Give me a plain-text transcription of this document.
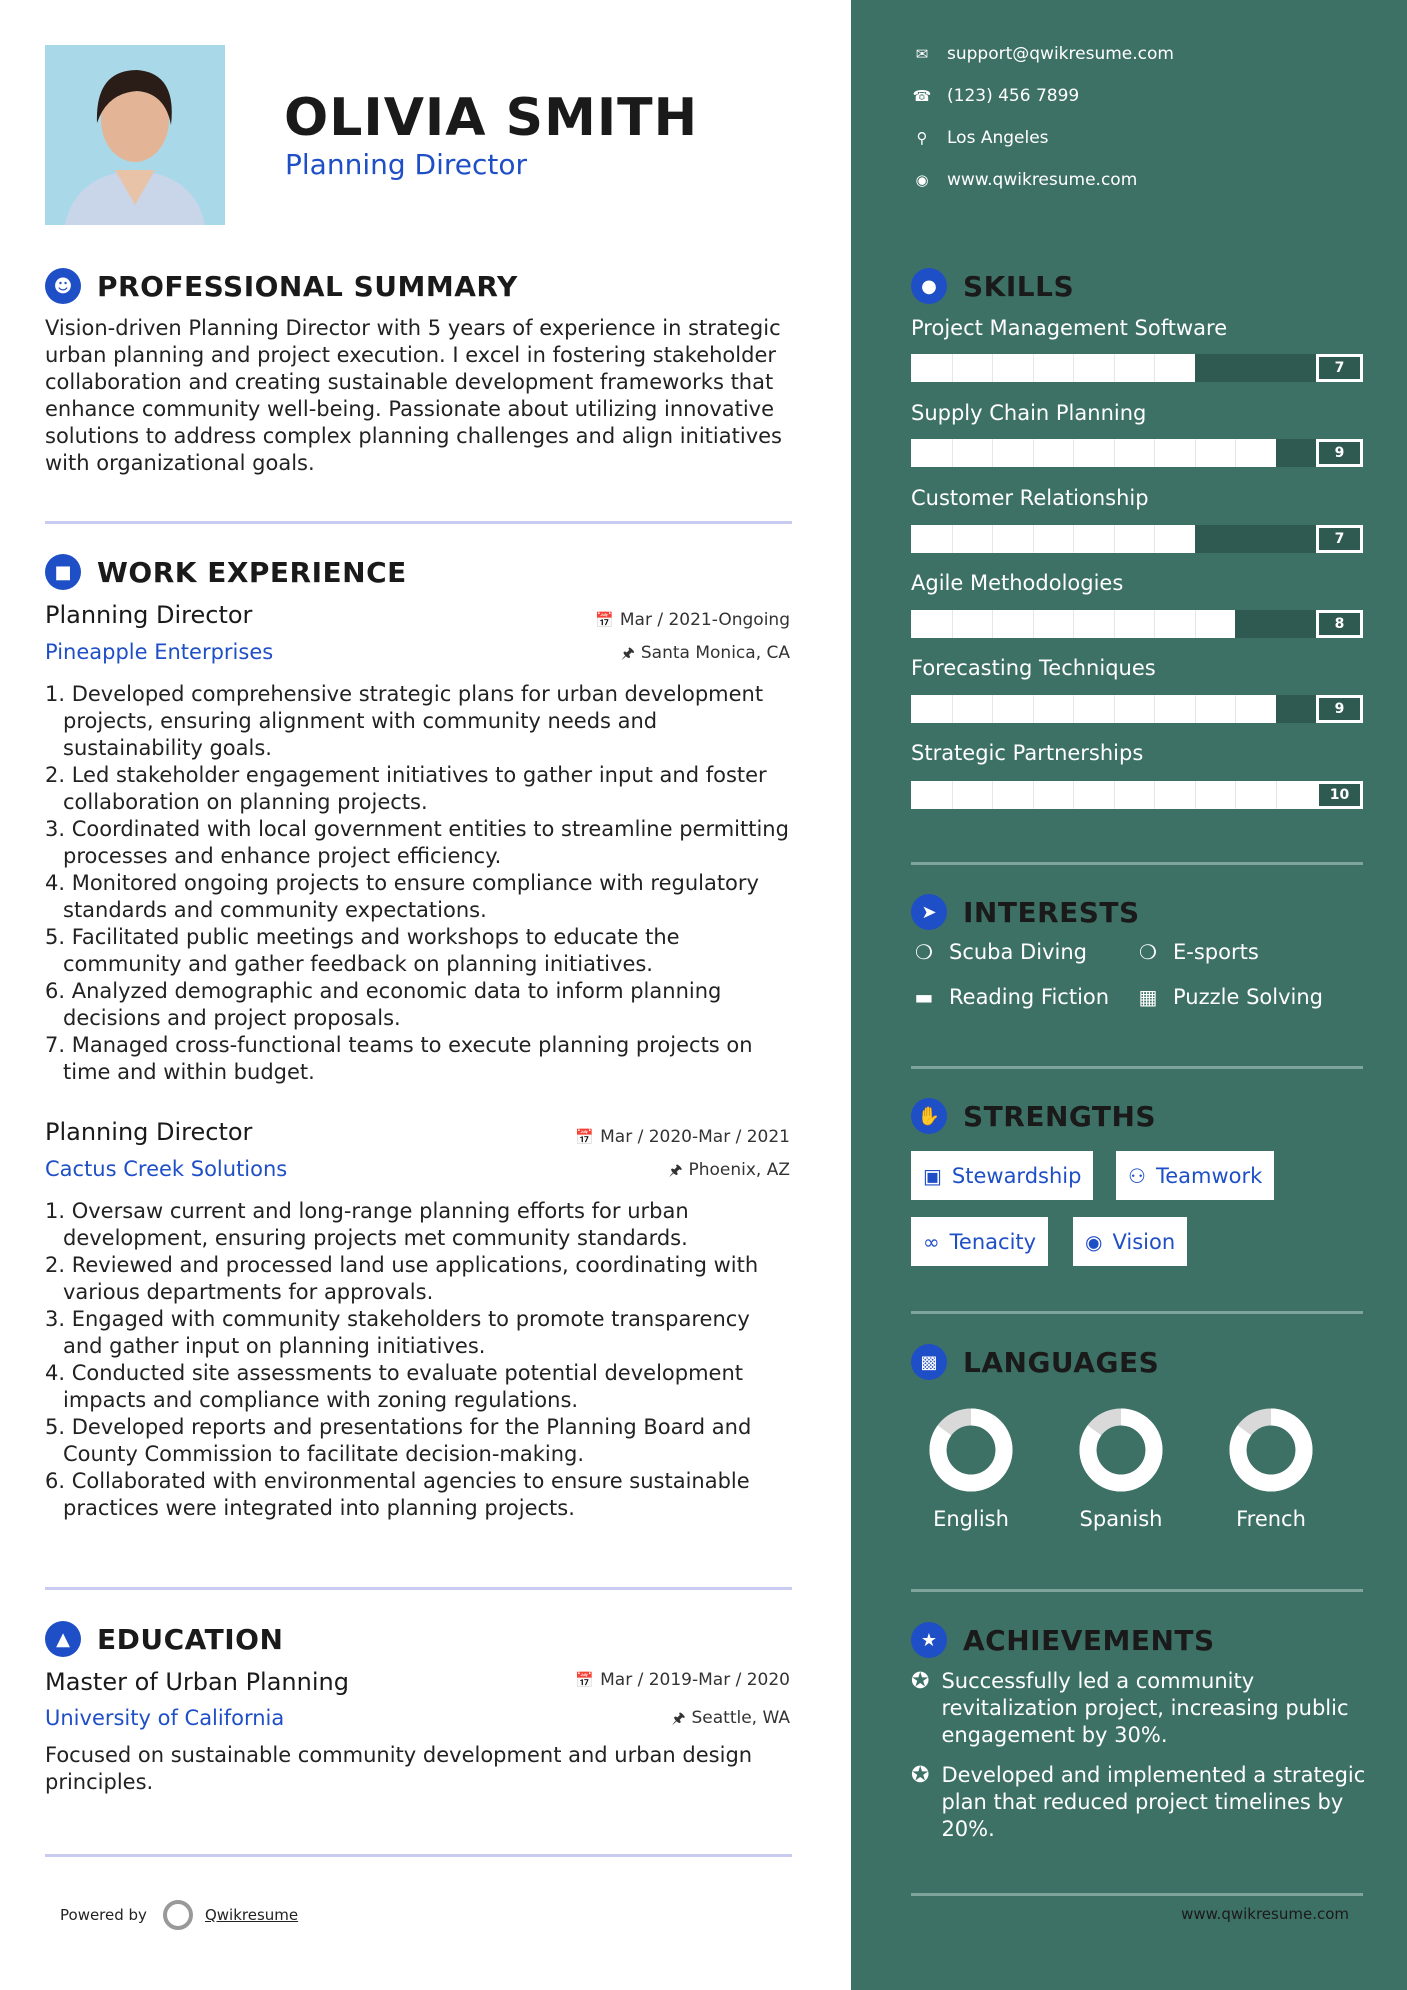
OLIVIA SMITH
Planning Director
☻ PROFESSIONAL SUMMARY
Vision-driven Planning Director with 5 years of experience in strategic
urban planning and project execution. I excel in fostering stakeholder
collaboration and creating sustainable development frameworks that
enhance community well-being. Passionate about utilizing innovative
solutions to address complex planning challenges and align initiatives
with organizational goals.
■ WORK EXPERIENCE
Planning Director
Pineapple Enterprises
📅 Mar / 2021-Ongoing
🖈 Santa Monica, CA
1. Developed comprehensive strategic plans for urban development projects, ensuring alignment with community needs and sustainability goals.
2. Led stakeholder engagement initiatives to gather input and foster collaboration on planning projects.
3. Coordinated with local government entities to streamline permitting processes and enhance project efficiency.
4. Monitored ongoing projects to ensure compliance with regulatory standards and community expectations.
5. Facilitated public meetings and workshops to educate the community and gather feedback on planning initiatives.
6. Analyzed demographic and economic data to inform planning decisions and project proposals.
7. Managed cross-functional teams to execute planning projects on time and within budget.
Planning Director
Cactus Creek Solutions
📅 Mar / 2020-Mar / 2021
🖈 Phoenix, AZ
1. Oversaw current and long-range planning efforts for urban development, ensuring projects met community standards.
2. Reviewed and processed land use applications, coordinating with various departments for approvals.
3. Engaged with community stakeholders to promote transparency and gather input on planning initiatives.
4. Conducted site assessments to evaluate potential development impacts and compliance with zoning regulations.
5. Developed reports and presentations for the Planning Board and County Commission to facilitate decision-making.
6. Collaborated with environmental agencies to ensure sustainable practices were integrated into planning projects.
▲ EDUCATION
Master of Urban Planning
University of California
📅 Mar / 2019-Mar / 2020
🖈 Seattle, WA
Focused on sustainable community development and urban design principles.
Powered by	Qwikresume
✉ support@qwikresume.com
☎ (123) 456 7899
⚲	Los Angeles
◉ www.qwikresume.com
● SKILLS
Project Management Software
7
Supply Chain Planning
9
Customer Relationship
7
Agile Methodologies
8
Forecasting Techniques
9
Strategic Partnerships
10
➤ INTERESTS
❍ Scuba Diving	❍ E-sports
▬ Reading Fiction ▦ Puzzle Solving
✋ STRENGTHS
▣ Stewardship ⚇ Teamwork
∞ Tenacity ◉ Vision
▩ LANGUAGES
English	Spanish	French
★ ACHIEVEMENTS
✪ Successfully led a community revitalization project, increasing public engagement by 30%.
✪ Developed and implemented a strategic plan that reduced project timelines by 20%.
www.qwikresume.com
